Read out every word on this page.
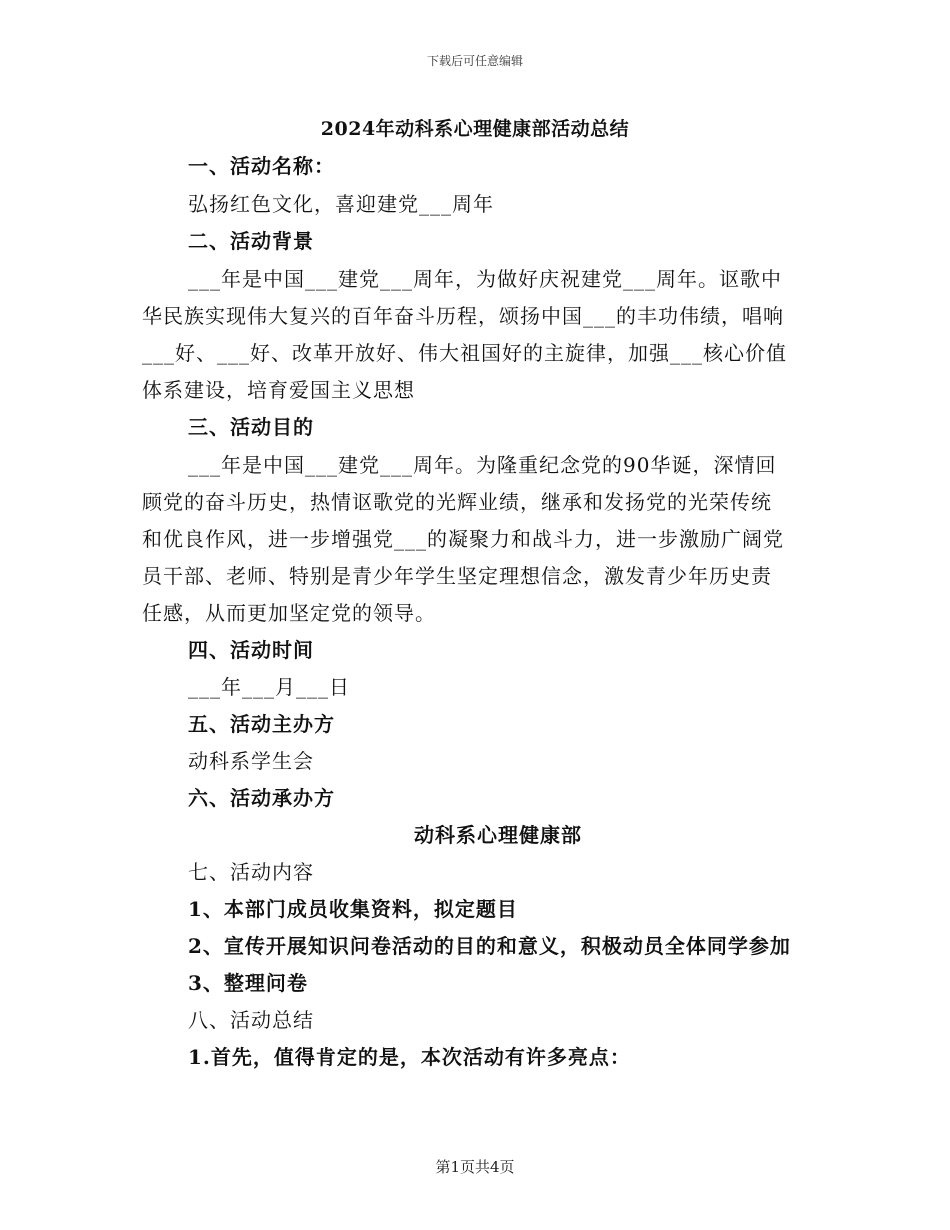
下载后可任意编辑
2024年动科系心理健康部活动总结
一、活动名称：
弘扬红色文化，喜迎建党___周年
二、活动背景
___年是中国___建党___周年，为做好庆祝建党___周年。讴歌中
华民族实现伟大复兴的百年奋斗历程，颂扬中国___的丰功伟绩，唱响
___好、___好、改革开放好、伟大祖国好的主旋律，加强___核心价值
体系建设，培育爱国主义思想
三、活动目的
___年是中国___建党___周年。为隆重纪念党的90华诞，深情回
顾党的奋斗历史，热情讴歌党的光辉业绩，继承和发扬党的光荣传统
和优良作风，进一步增强党___的凝聚力和战斗力，进一步激励广阔党
员干部、老师、特别是青少年学生坚定理想信念，激发青少年历史责
任感，从而更加坚定党的领导。
四、活动时间
___年___月___日
五、活动主办方
动科系学生会
六、活动承办方
动科系心理健康部
七、活动内容
1、本部门成员收集资料，拟定题目
2、宣传开展知识问卷活动的目的和意义，积极动员全体同学参加
3、整理问卷
八、活动总结
1.首先，值得肯定的是，本次活动有许多亮点：
第1页共4页
